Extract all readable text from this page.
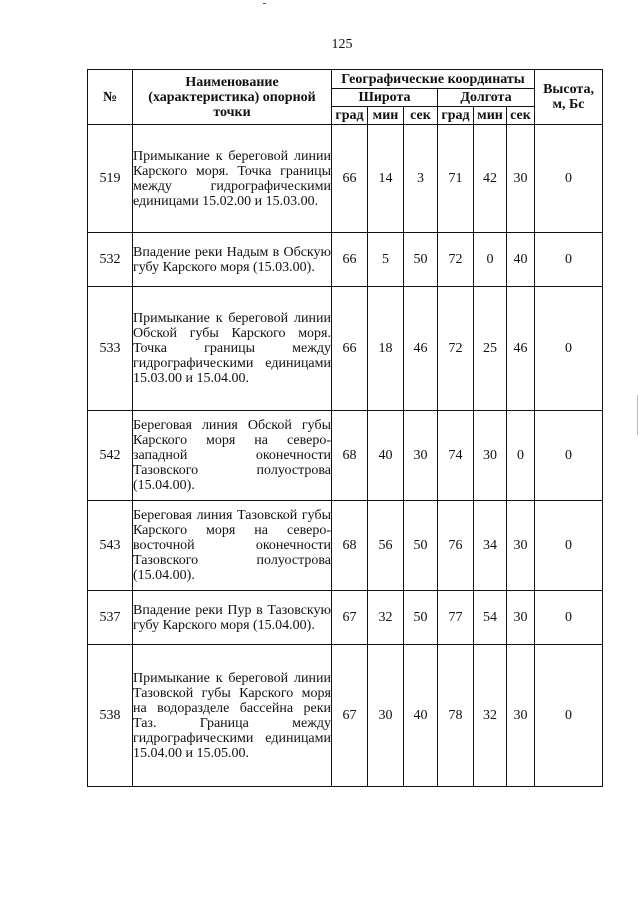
125
№	Наименование (характеристика) опорной точки	Географические координаты						Высота, м, Бс
		Широта			Долгота			
		град	мин	сек	град	мин	сек	
519	Примыкание к береговой линии Карского моря. Точка границы между гидрографическими единицами 15.02.00 и 15.03.00.	66	14	3	71	42	30	0
532	Впадение реки Надым в Обскую губу Карского моря (15.03.00).	66	5	50	72	0	40	0
533	Примыкание к береговой линии Обской губы Карского моря. Точка границы между гидрографическими единицами 15.03.00 и 15.04.00.	66	18	46	72	25	46	0
542	Береговая линия Обской губы Карского моря на северо-западной оконечности Тазовского полуострова (15.04.00).	68	40	30	74	30	0	0
543	Береговая линия Тазовской губы Карского моря на северо-восточной оконечности Тазовского полуострова (15.04.00).	68	56	50	76	34	30	0
537	Впадение реки Пур в Тазовскую губу Карского моря (15.04.00).	67	32	50	77	54	30	0
538	Примыкание к береговой линии Тазовской губы Карского моря на водоразделе бассейна реки Таз. Граница между гидрографическими единицами 15.04.00 и 15.05.00.	67	30	40	78	32	30	0
